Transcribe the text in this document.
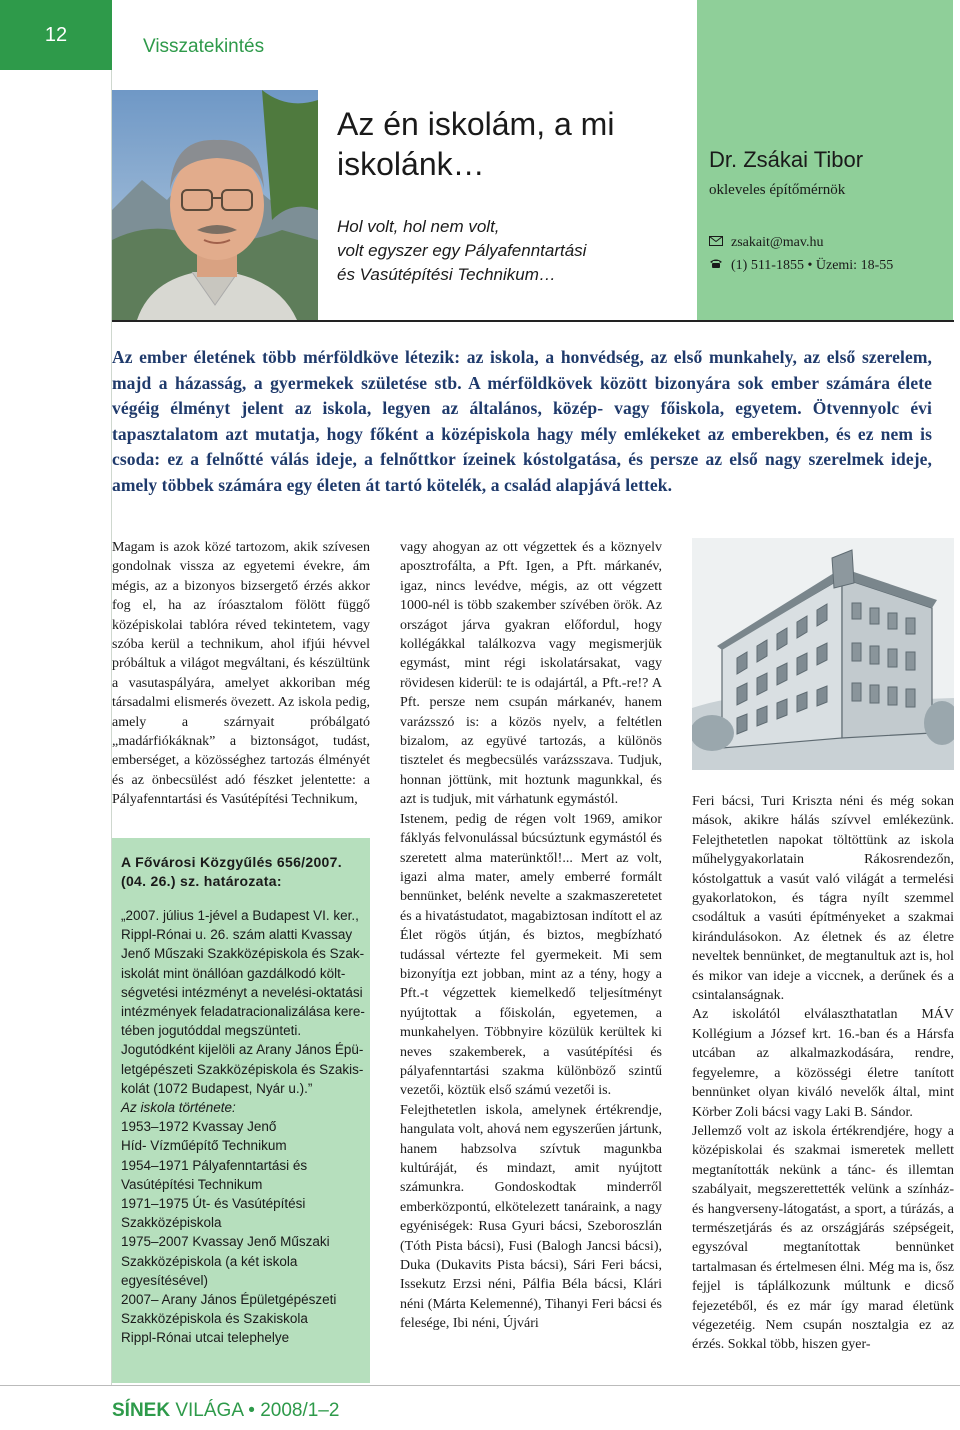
12
Visszatekintés
Az én iskolám, a mi
iskolánk…
Hol volt, hol nem volt,
volt egyszer egy Pályafenntartási
és Vasútépítési Technikum…
Dr. Zsákai Tibor
okleveles építőmérnök
zsakait@mav.hu
(1) 511-1855 • Üzemi: 18-55

Az ember életének több mérföldköve létezik: az iskola, a honvédség, az első munkahely, az első szerelem, majd a házasság, a gyermekek születése stb. A mérföldkövek között bizonyára sok ember számára élete végéig élményt jelent az iskola, legyen az általános, közép- vagy főiskola, egyetem. Ötvennyolc évi tapasztalatom azt mutatja, hogy főként a középiskola hagy mély emlékeket az emberekben, és ez nem is csoda: ez a felnőtté válás ideje, a felnőttkor ízeinek kóstolgatása, és persze az első nagy szerelmek ideje, amely többek számára egy életen át tartó kötelék, a család alapjává lettek.

Magam is azok közé tartozom, akik szívesen gondolnak vissza az egyetemi évekre, ám mégis, az a bizonyos bizsergető érzés akkor fog el, ha az íróasztalom fölött függő középiskolai tablóra réved tekintetem, vagy szóba kerül a technikum, ahol ifjúi hévvel próbáltuk a világot megváltani, és készültünk a vasutaspályára, amelyet akkoriban még társadalmi elismerés övezett. Az iskola pedig, amely a szárnyait próbálgató „madárfiókáknak” a biztonságot, tudást, emberséget, a közösséghez tartozás élményét és az önbecsülést adó fészket jelentette: a Pályafenntartási és Vasútépítési Technikum,

A Fővárosi Közgyűlés 656/2007. (04. 26.) sz. határozata:

„2007. július 1-jével a Budapest VI. ker.,
Rippl-Rónai u. 26. szám alatti Kvassay
Jenő Műszaki Szakközépiskola és Szak-
iskolát mint önállóan gazdálkodó költ-
ségvetési intézményt a nevelési-oktatási
intézmények feladatracionalizálása kere-
tében jogutóddal megszünteti.
Jogutódként kijelöli az Arany János Épü-
letgépészeti Szakközépiskola és Szakis-
kolát (1072 Budapest, Nyár u.).”
Az iskola története:
1953–1972 Kvassay Jenő
Híd- Vízműépítő Technikum
1954–1971 Pályafenntartási és
Vasútépítési Technikum
1971–1975 Út- és Vasútépítési
Szakközépiskola
1975–2007 Kvassay Jenő Műszaki
Szakközépiskola (a két iskola
egyesítésével)
2007– Arany János Épületgépészeti
Szakközépiskola és Szakiskola
Rippl-Rónai utcai telephelye
vagy ahogyan az ott végzettek és a köznyelv aposztrofálta, a Pft. Igen, a Pft. márkanév, igaz, nincs levédve, mégis, az ott végzett 1000-nél is több szakember szívében örök. Az országot járva gyakran előfordul, hogy kollégákkal találkozva vagy megismerjük egymást, mint régi iskolatársakat, vagy rövidesen kiderül: te is odajártál, a Pft.-re!? A Pft. persze nem csupán márkanév, hanem varázsszó is: a közös nyelv, a feltétlen bizalom, az együvé tartozás, a különös tisztelet és megbecsülés varázsszava. Tudjuk, honnan jöttünk, mit hoztunk magunkkal, és azt is tudjuk, mit várhatunk egymástól.
Istenem, pedig de régen volt 1969, amikor fáklyás felvonulással búcsúztunk egymástól és szeretett alma materünktől!... Mert az volt, igazi alma mater, amely emberré formált bennünket, belénk nevelte a szakmaszeretetet és a hivatástudatot, magabiztosan indított el az Élet rögös útján, és biztos, megbízható tudással vértezte fel gyermekeit. Mi sem bizonyítja ezt jobban, mint az a tény, hogy a Pft.-t végzettek kiemelkedő teljesítményt nyújtottak a főiskolán, egyetemen, a munkahelyen. Többnyire közülük kerültek ki neves szakemberek, a vasútépítési és pályafenntartási szakma különböző szintű vezetői, köztük első számú vezetői is.
Felejthetetlen iskola, amelynek értékrendje, hangulata volt, ahová nem egyszerűen jártunk, hanem habzsolva szívtuk magunkba kultúráját, és mindazt, amit nyújtott számunkra. Gondoskodtak minderről emberközpontú, elkötelezett tanáraink, a nagy egyéniségek: Rusa Gyuri bácsi, Szeboroszlán (Tóth Pista bácsi), Fusi (Balogh Jancsi bácsi), Duka (Dukavits Pista bácsi), Sári Feri bácsi, Issekutz Erzsi néni, Pálfia Béla bácsi, Klári néni (Márta Kelemenné), Tihanyi Feri bácsi és felesége, Ibi néni, Újvári
Feri bácsi, Turi Kriszta néni és még sokan mások, akikre hálás szívvel emlékezünk. Felejthetetlen napokat töltöttünk az iskola műhelygyakorlatain Rákosrendezőn, kóstolgattuk a vasút való világát a termelési gyakorlatokon, és tágra nyílt szemmel csodáltuk a vasúti építményeket a szakmai kirándulásokon. Az életnek és az életre neveltek bennünket, de megtanultuk azt is, hol és mikor van ideje a viccnek, a derűnek és a csintalanságnak.
Az iskolától elválaszthatatlan MÁV Kollégium a József krt. 16.-ban és a Hársfa utcában az alkalmazkodására, rendre, fegyelemre, a közösségi életre tanított bennünket olyan kiváló nevelők által, mint Körber Zoli bácsi vagy Laki B. Sándor.
Jellemző volt az iskola értékrendjére, hogy a középiskolai és szakmai ismeretek mellett megtanították nekünk a tánc- és illemtan szabályait, megszerettették velünk a színház- és hangverseny-látogatást, a sport, a túrázás, a természetjárás és az országjárás szépségeit, egyszóval megtanítottak bennünket tartalmasan és értelmesen élni. Még ma is, ősz fejjel is táplálkozunk múltunk e dicső fejezetéből, és ez már így marad életünk végezetéig. Nem csupán nosztalgia ez az érzés. Sokkal több, hiszen gyer-
SÍNEK VILÁGA • 2008/1–2
